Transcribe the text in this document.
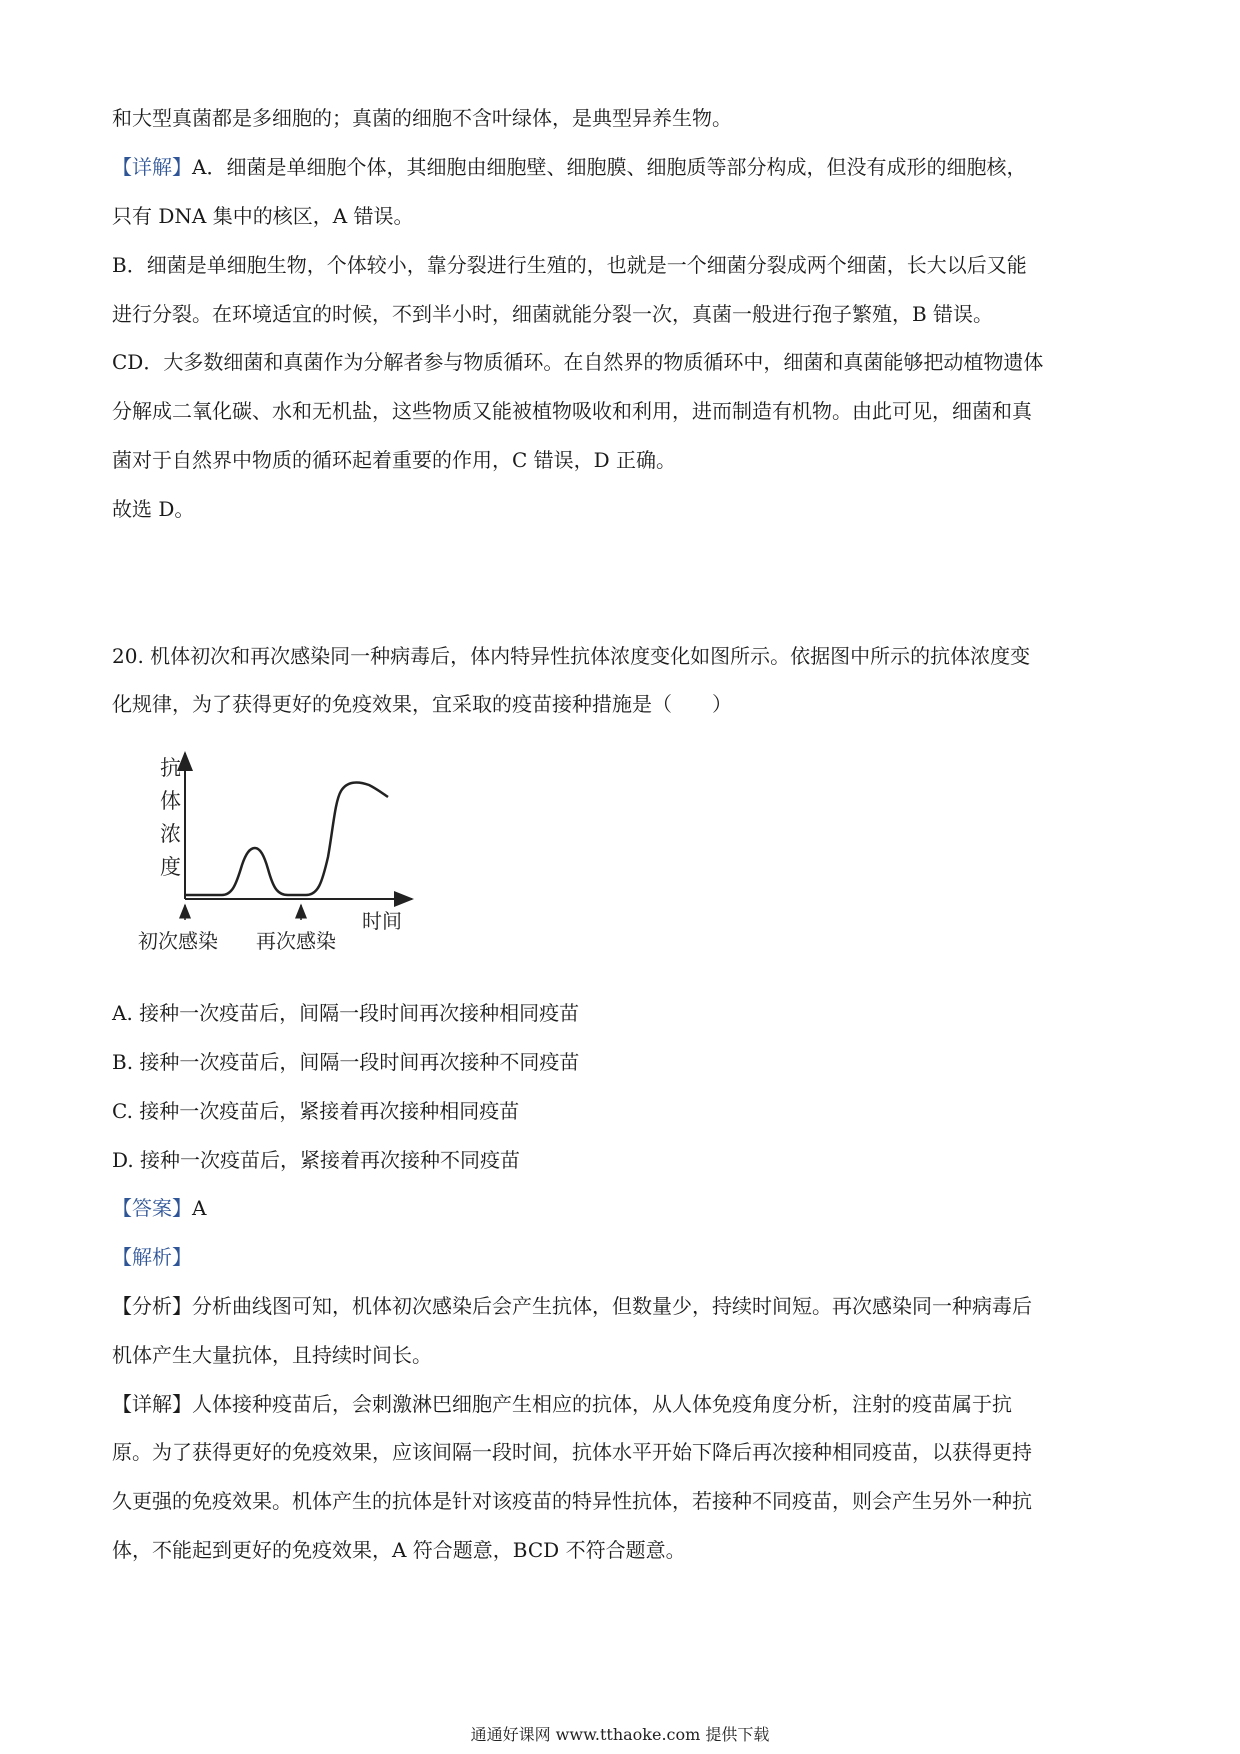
和大型真菌都是多细胞的；真菌的细胞不含叶绿体，是典型异养生物。
【详解】A．细菌是单细胞个体，其细胞由细胞壁、细胞膜、细胞质等部分构成，但没有成形的细胞核，
只有 DNA 集中的核区，A 错误。
B．细菌是单细胞生物，个体较小，靠分裂进行生殖的，也就是一个细菌分裂成两个细菌，长大以后又能
进行分裂。在环境适宜的时候，不到半小时，细菌就能分裂一次，真菌一般进行孢子繁殖，B 错误。
CD．大多数细菌和真菌作为分解者参与物质循环。在自然界的物质循环中，细菌和真菌能够把动植物遗体
分解成二氧化碳、水和无机盐，这些物质又能被植物吸收和利用，进而制造有机物。由此可见，细菌和真
菌对于自然界中物质的循环起着重要的作用，C 错误，D 正确。
故选 D。
20. 机体初次和再次感染同一种病毒后，体内特异性抗体浓度变化如图所示。依据图中所示的抗体浓度变
化规律，为了获得更好的免疫效果，宜采取的疫苗接种措施是（　　）
抗
体
浓
度
时间
初次感染 再次感染
A. 接种一次疫苗后，间隔一段时间再次接种相同疫苗
B. 接种一次疫苗后，间隔一段时间再次接种不同疫苗
C. 接种一次疫苗后，紧接着再次接种相同疫苗
D. 接种一次疫苗后，紧接着再次接种不同疫苗
【答案】A
【解析】
【分析】分析曲线图可知，机体初次感染后会产生抗体，但数量少，持续时间短。再次感染同一种病毒后
机体产生大量抗体，且持续时间长。
【详解】人体接种疫苗后，会刺激淋巴细胞产生相应的抗体，从人体免疫角度分析，注射的疫苗属于抗
原。为了获得更好的免疫效果，应该间隔一段时间，抗体水平开始下降后再次接种相同疫苗，以获得更持
久更强的免疫效果。机体产生的抗体是针对该疫苗的特异性抗体，若接种不同疫苗，则会产生另外一种抗
体，不能起到更好的免疫效果，A 符合题意，BCD 不符合题意。
通通好课网 www.tthaoke.com 提供下载
